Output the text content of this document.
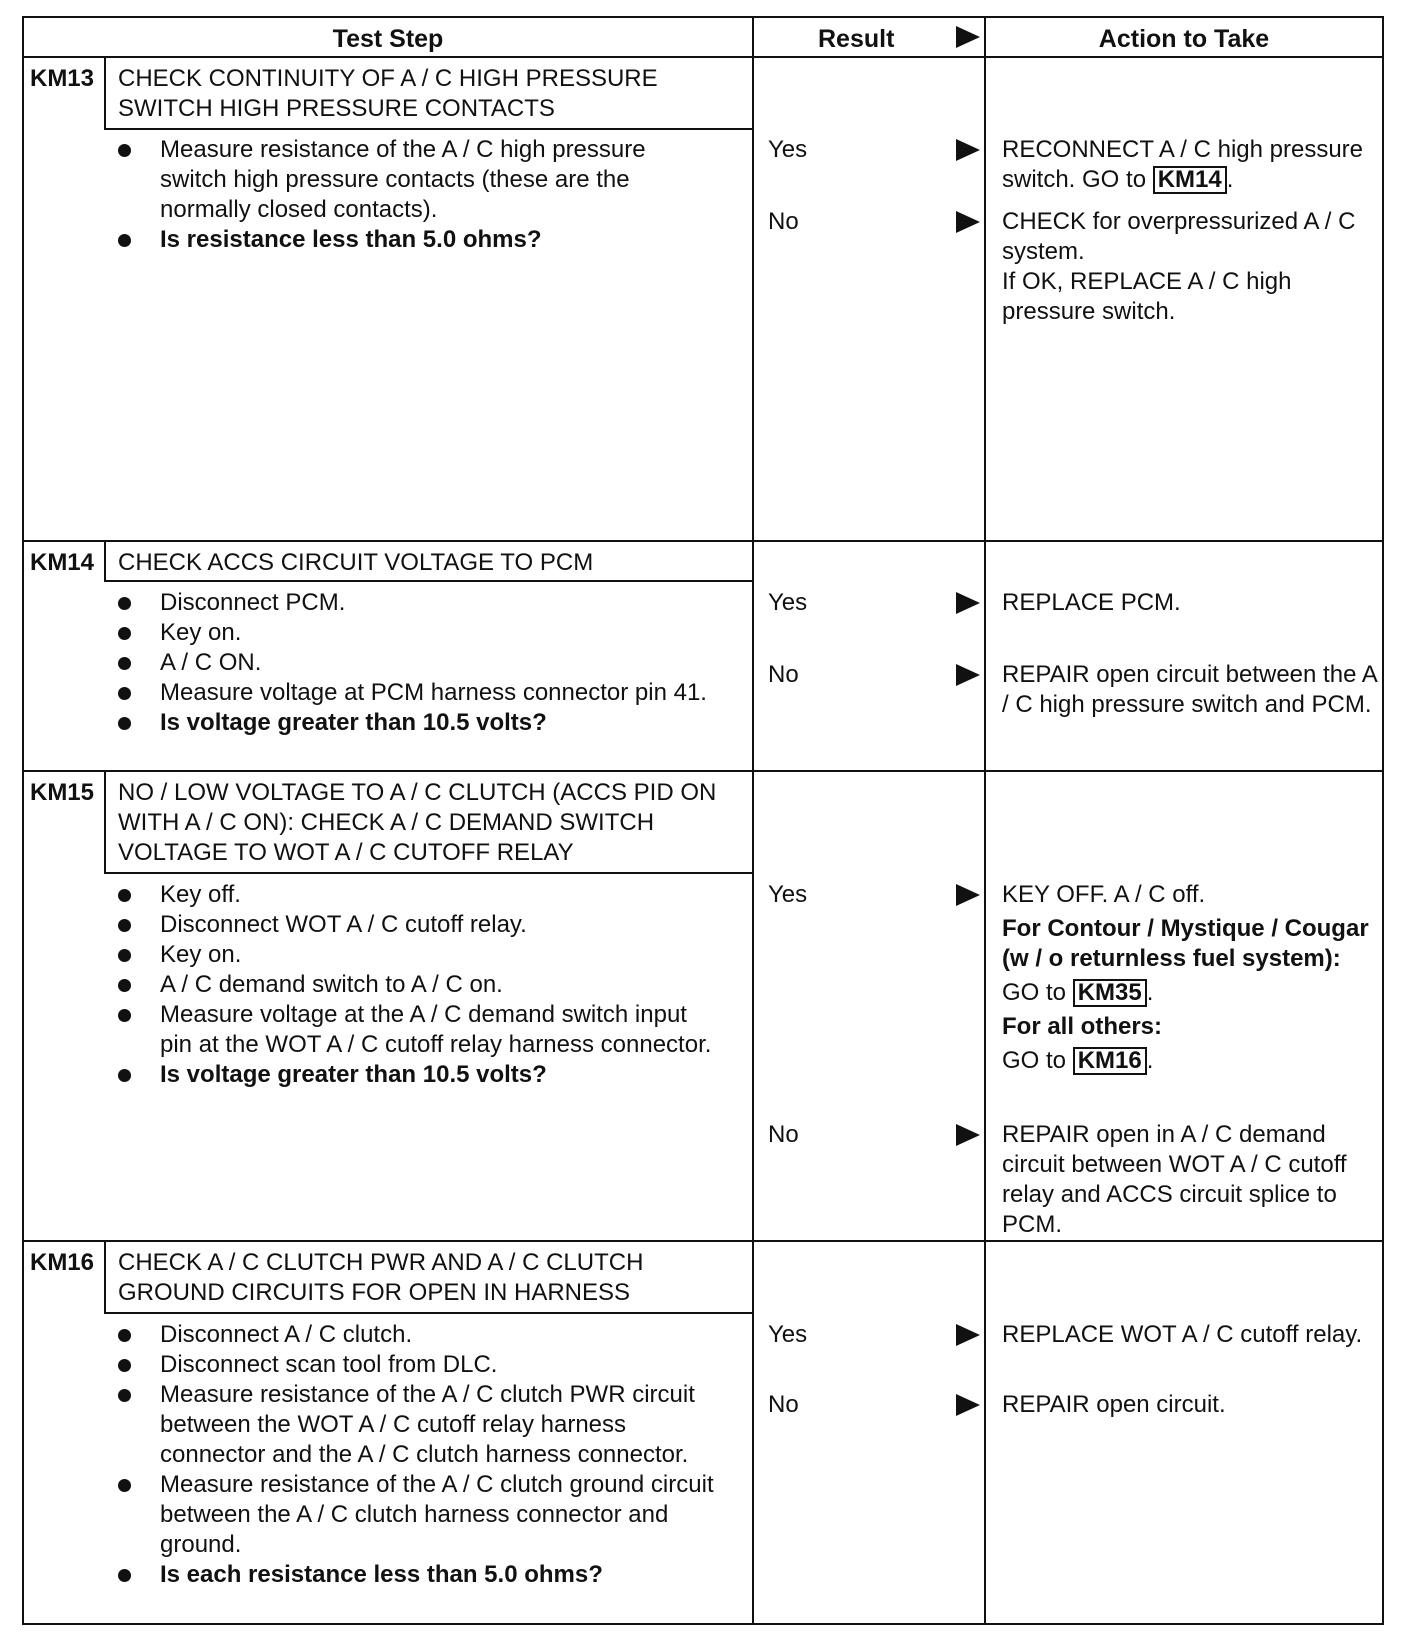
Test Step	Result	Action to Take
KM13 CHECK CONTINUITY OF A / C HIGH PRESSURE SWITCH HIGH PRESSURE CONTACTS
Measure resistance of the A / C high pressure switch high pressure contacts (these are the normally closed contacts).
Is resistance less than 5.0 ohms?
Yes	RECONNECT A / C high pressure switch. GO to KM14 .
No	CHECK for overpressurized A / C system.
If OK, REPLACE A / C high pressure switch.
KM14 CHECK ACCS CIRCUIT VOLTAGE TO PCM
Disconnect PCM.
Key on.
A / C ON.
Measure voltage at PCM harness connector pin 41.
Is voltage greater than 10.5 volts?
Yes	REPLACE PCM.
No	REPAIR open circuit between the A / C high pressure switch and PCM.
KM15 NO / LOW VOLTAGE TO A / C CLUTCH (ACCS PID ON WITH A / C ON): CHECK A / C DEMAND SWITCH VOLTAGE TO WOT A / C CUTOFF RELAY
Key off.
Disconnect WOT A / C cutoff relay.
Key on.
A / C demand switch to A / C on.
Measure voltage at the A / C demand switch input pin at the WOT A / C cutoff relay harness connector.
Is voltage greater than 10.5 volts?
Yes	KEY OFF. A / C off.
For Contour / Mystique / Cougar (w / o returnless fuel system):
GO to KM35 .
For all others:
GO to KM16 .
No	REPAIR open in A / C demand circuit between WOT A / C cutoff relay and ACCS circuit splice to PCM.
KM16 CHECK A / C CLUTCH PWR AND A / C CLUTCH GROUND CIRCUITS FOR OPEN IN HARNESS
Disconnect A / C clutch.
Disconnect scan tool from DLC.
Measure resistance of the A / C clutch PWR circuit between the WOT A / C cutoff relay harness connector and the A / C clutch harness connector.
Measure resistance of the A / C clutch ground circuit between the A / C clutch harness connector and ground.
Is each resistance less than 5.0 ohms?
Yes	REPLACE WOT A / C cutoff relay.
No	REPAIR open circuit.
